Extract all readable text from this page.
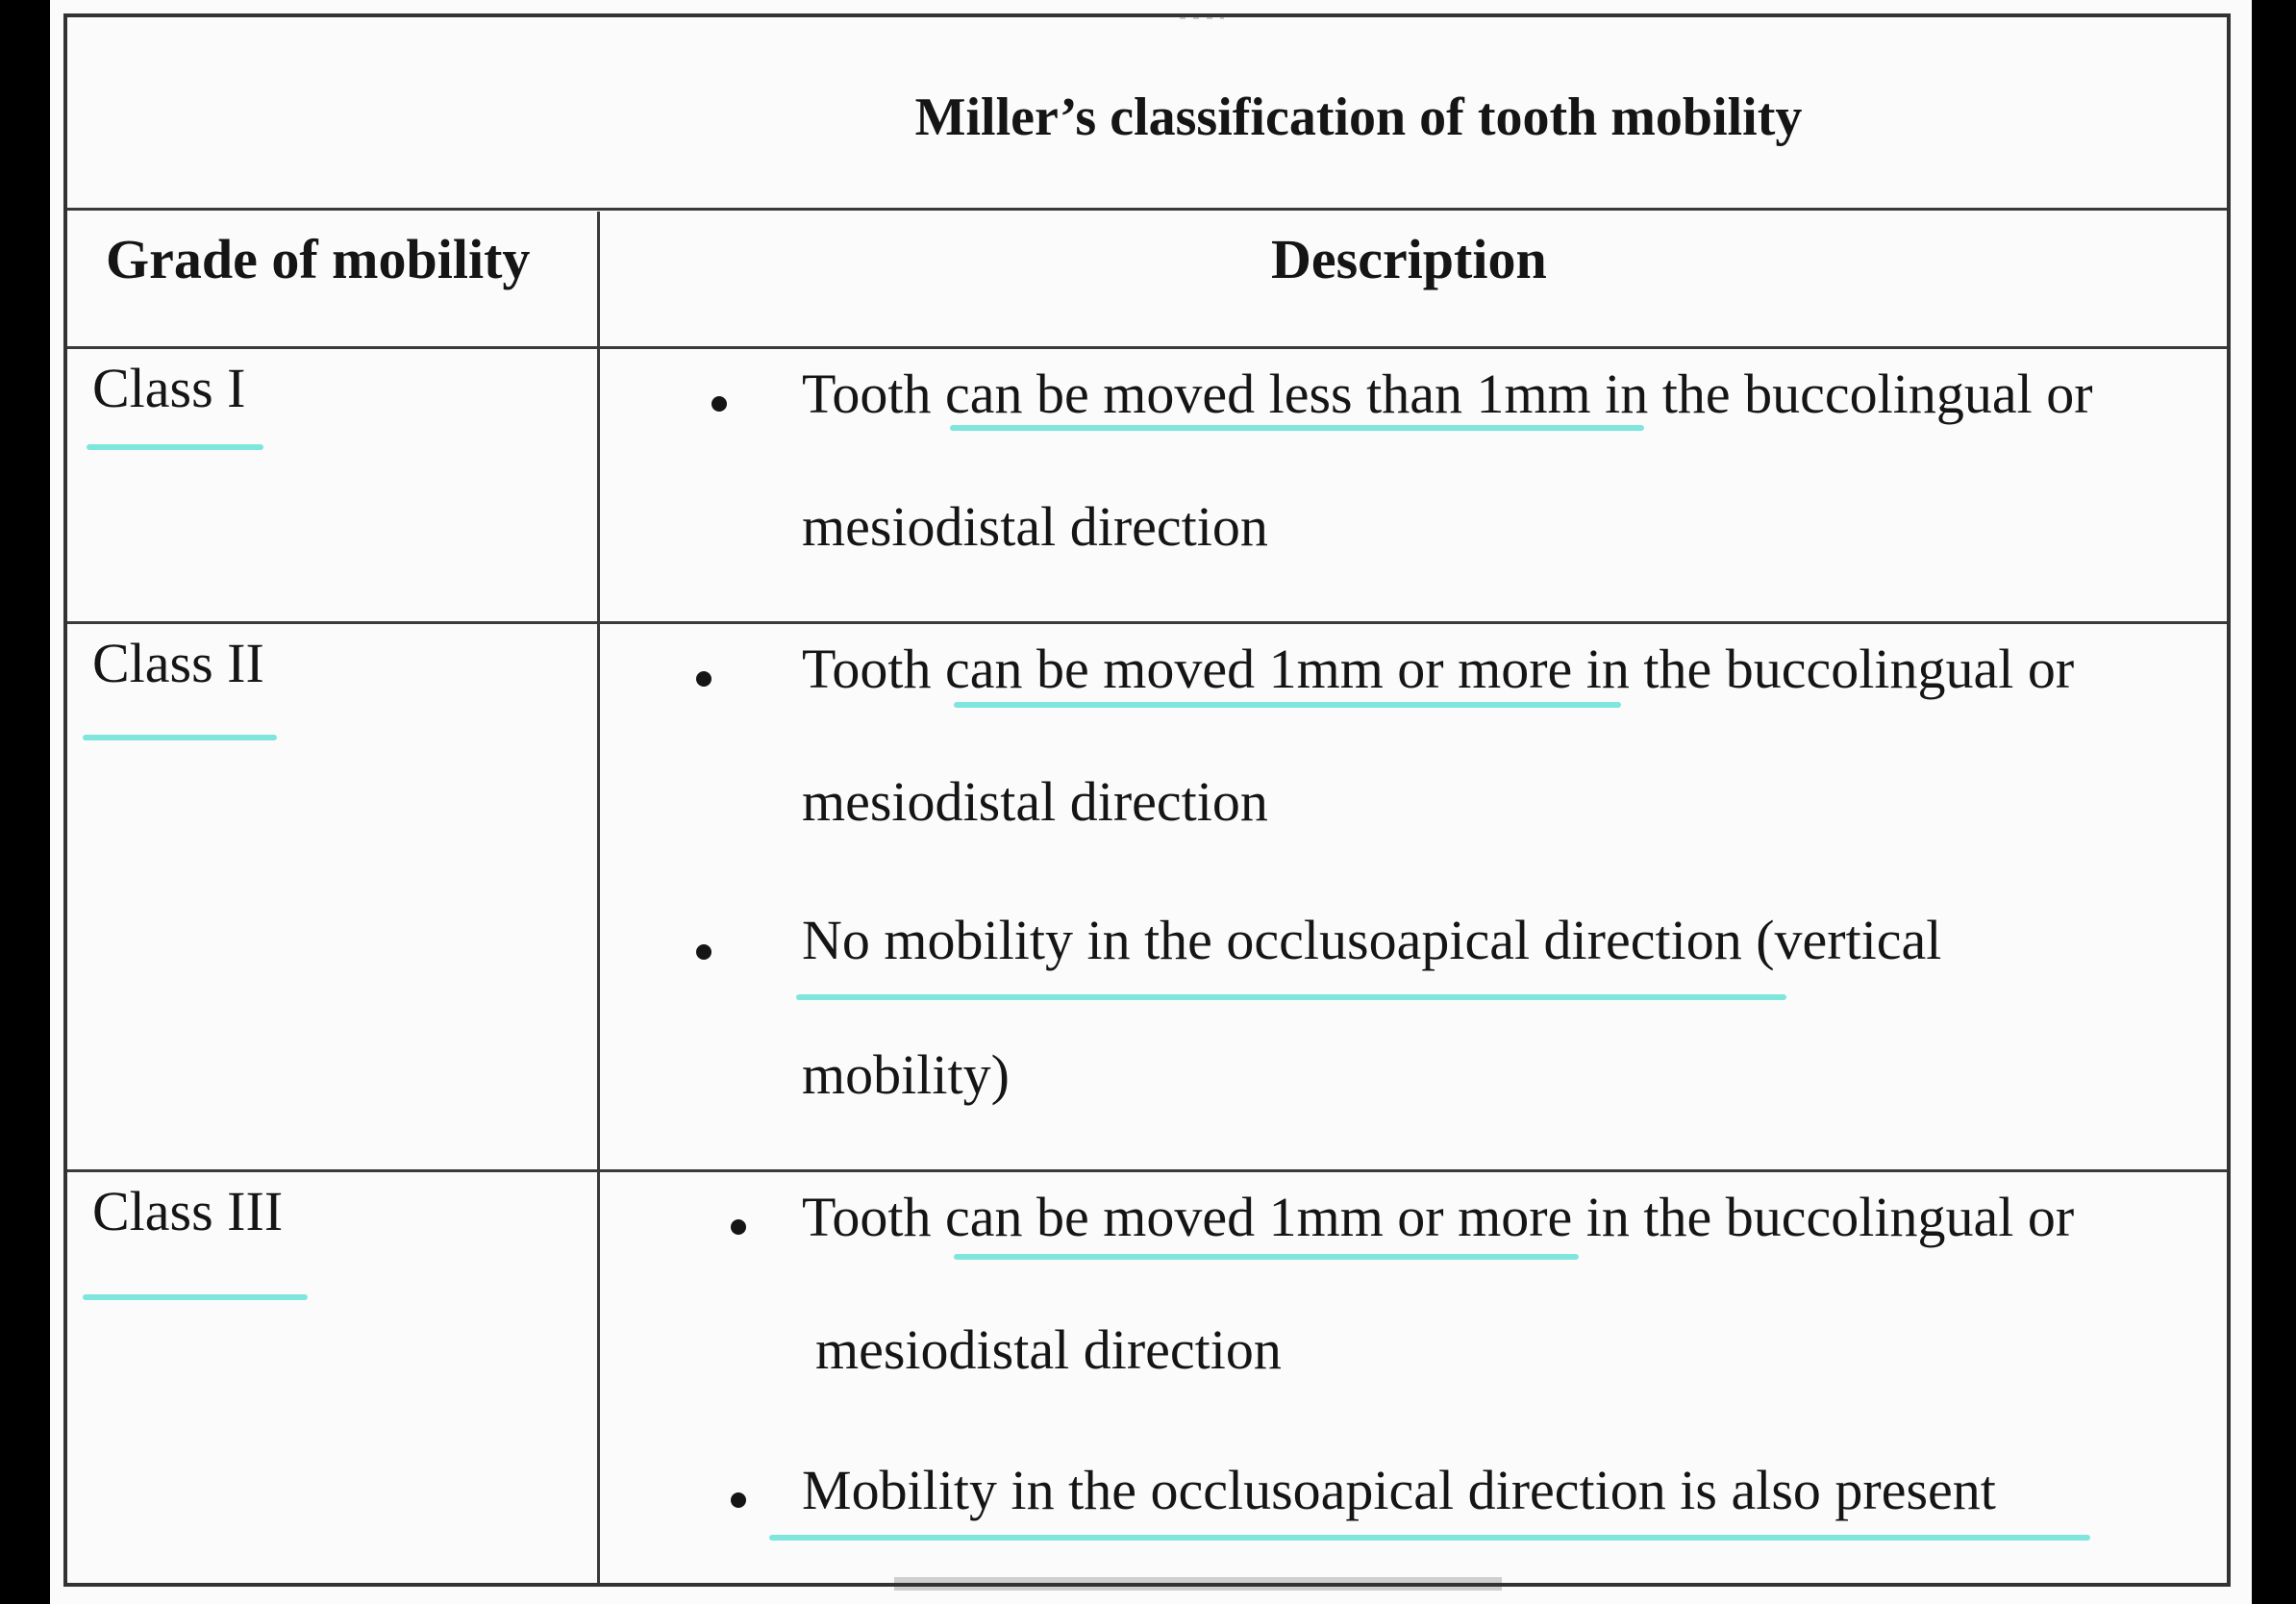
Miller’s classification of tooth mobility
Grade of mobility	Description
Class I	Tooth can be moved less than 1mm in the buccolingual or
mesiodistal direction
Class II	Tooth can be moved 1mm or more in the buccolingual or
mesiodistal direction
No mobility in the occlusoapical direction (vertical
mobility)
Class III	Tooth can be moved 1mm or more in the buccolingual or
mesiodistal direction
Mobility in the occlusoapical direction is also present
